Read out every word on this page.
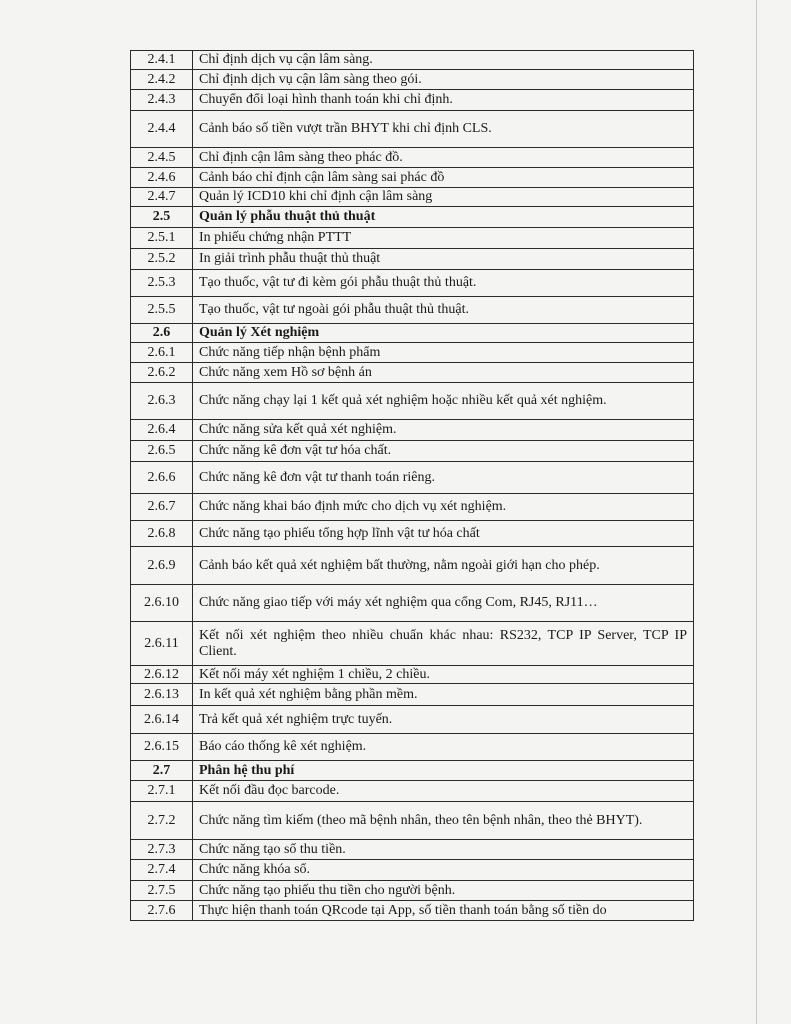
2.4.1	Chỉ định dịch vụ cận lâm sàng.
2.4.2	Chỉ định dịch vụ cận lâm sàng theo gói.
2.4.3	Chuyển đổi loại hình thanh toán khi chỉ định.
2.4.4	Cảnh báo số tiền vượt trần BHYT khi chỉ định CLS.
2.4.5	Chỉ định cận lâm sàng theo phác đồ.
2.4.6	Cảnh báo chỉ định cận lâm sàng sai phác đồ
2.4.7	Quản lý ICD10 khi chỉ định cận lâm sàng
2.5	Quản lý phẫu thuật thủ thuật
2.5.1	In phiếu chứng nhận PTTT
2.5.2	In giải trình phẫu thuật thủ thuật
2.5.3	Tạo thuốc, vật tư đi kèm gói phẫu thuật thủ thuật.
2.5.5	Tạo thuốc, vật tư ngoài gói phẫu thuật thủ thuật.
2.6	Quản lý Xét nghiệm
2.6.1	Chức năng tiếp nhận bệnh phẩm
2.6.2	Chức năng xem Hồ sơ bệnh án
2.6.3	Chức năng chạy lại 1 kết quả xét nghiệm hoặc nhiều kết quả xét nghiệm.
2.6.4	Chức năng sửa kết quả xét nghiệm.
2.6.5	Chức năng kê đơn vật tư hóa chất.
2.6.6	Chức năng kê đơn vật tư thanh toán riêng.
2.6.7	Chức năng khai báo định mức cho dịch vụ xét nghiệm.
2.6.8	Chức năng tạo phiếu tổng hợp lĩnh vật tư hóa chất
2.6.9	Cảnh báo kết quả xét nghiệm bất thường, nằm ngoài giới hạn cho phép.
2.6.10	Chức năng giao tiếp với máy xét nghiệm qua cổng Com, RJ45, RJ11…
2.6.11	Kết nối xét nghiệm theo nhiều chuẩn khác nhau: RS232, TCP IP Server, TCP IP Client.
2.6.12	Kết nối máy xét nghiệm 1 chiều, 2 chiều.
2.6.13	In kết quả xét nghiệm bằng phần mềm.
2.6.14	Trả kết quả xét nghiệm trực tuyến.
2.6.15	Báo cáo thống kê xét nghiệm.
2.7	Phân hệ thu phí
2.7.1	Kết nối đầu đọc barcode.
2.7.2	Chức năng tìm kiếm (theo mã bệnh nhân, theo tên bệnh nhân, theo thẻ BHYT).
2.7.3	Chức năng tạo sổ thu tiền.
2.7.4	Chức năng khóa sổ.
2.7.5	Chức năng tạo phiếu thu tiền cho người bệnh.
2.7.6	Thực hiện thanh toán QRcode tại App, số tiền thanh toán bằng số tiền do
